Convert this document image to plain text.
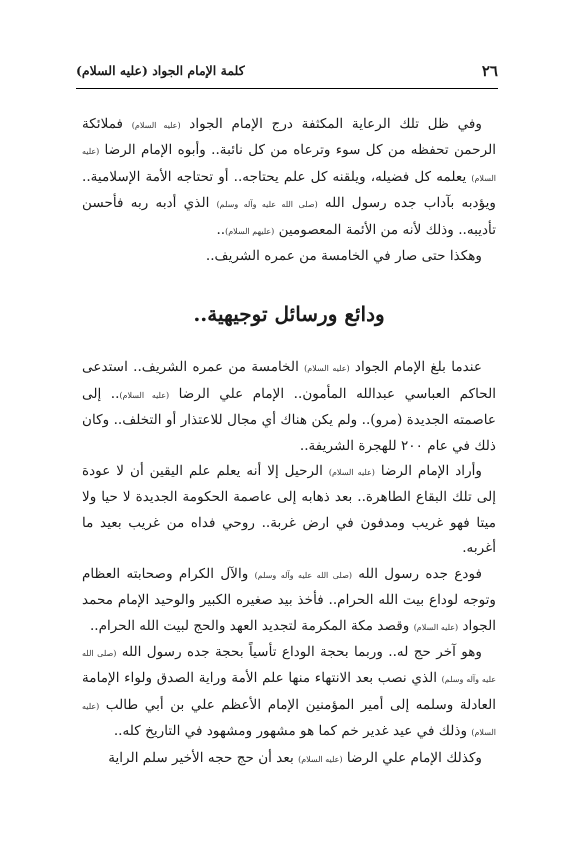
٢٦
كلمة الإمام الجواد (عليه السلام)

وفي ظل تلك الرعاية المكثفة درج الإمام الجواد (عليه السلام) فملائكة الرحمن تحفظه من كل سوء وترعاه من كل نائبة.. وأبوه الإمام الرضا (عليه السلام) يعلمه كل فضيله، ويلقنه كل علم يحتاجه.. أو تحتاجه الأمة الإسلامية.. ويؤدبه بآداب جده رسول الله (صلى الله عليه وآله وسلم) الذي أدبه ربه فأحسن تأديبه.. وذلك لأنه من الأئمة المعصومين (عليهم السلام)..

وهكذا حتى صار في الخامسة من عمره الشريف..

ودائع ورسائل توجيهية..

عندما بلغ الإمام الجواد (عليه السلام) الخامسة من عمره الشريف.. استدعى الحاكم العباسي عبدالله المأمون.. الإمام علي الرضا (عليه السلام).. إلى عاصمته الجديدة (مرو).. ولم يكن هناك أي مجال للاعتذار أو التخلف.. وكان ذلك في عام ٢٠٠ للهجرة الشريفة..

وأراد الإمام الرضا (عليه السلام) الرحيل إلا أنه يعلم علم اليقين أن لا عودة إلى تلك البقاع الطاهرة.. بعد ذهابه إلى عاصمة الحكومة الجديدة لا حيا ولا ميتا فهو غريب ومدفون في ارض غربة.. روحي فداه من غريب بعيد ما أغربه.

فودع جده رسول الله (صلى الله عليه وآله وسلم) والآل الكرام وصحابته العظام وتوجه لوداع بيت الله الحرام.. فأخذ بيد صغيره الكبير والوحيد الإمام محمد الجواد (عليه السلام) وقصد مكة المكرمة لتجديد العهد والحج لبيت الله الحرام..

وهو آخر حج له.. وربما بحجة الوداع تأسياً بحجة جده رسول الله (صلى الله عليه وآله وسلم) الذي نصب بعد الانتهاء منها علم الأمة وراية الصدق ولواء الإمامة العادلة وسلمه إلى أمير المؤمنين الإمام الأعظم علي بن أبي طالب (عليه السلام) وذلك في عيد غدير خم كما هو مشهور ومشهود في التاريخ كله..

وكذلك الإمام علي الرضا (عليه السلام) بعد أن حج حجه الأخير سلم الراية
